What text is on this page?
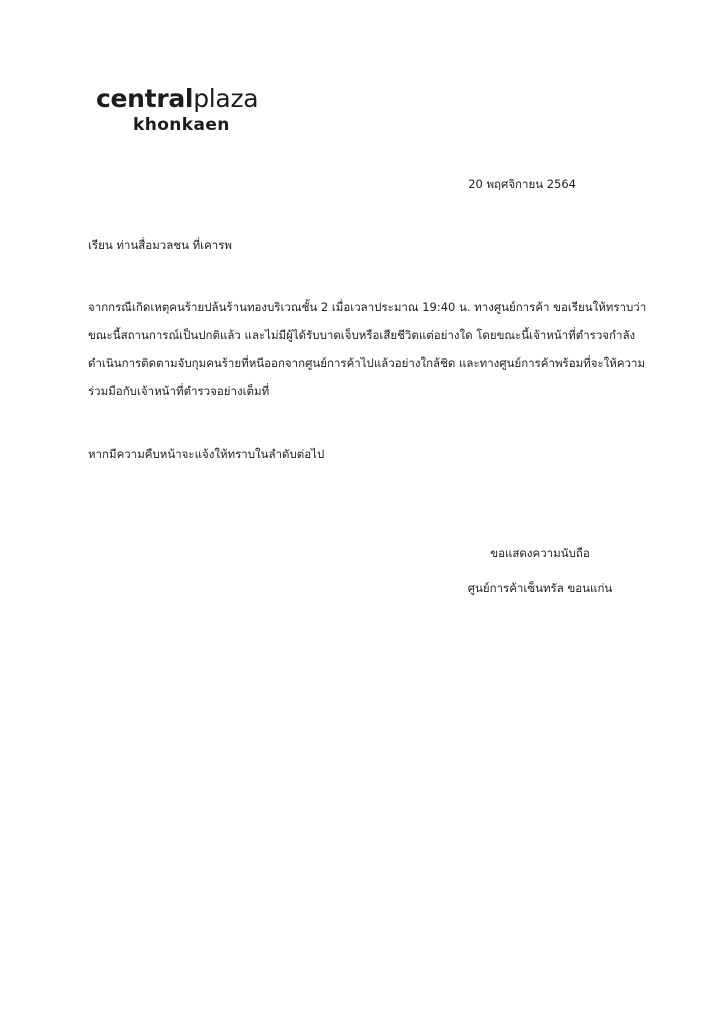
centralplaza
khonkaen
20 พฤศจิกายน 2564
เรียน ท่านสื่อมวลชน ที่เคารพ
จากกรณีเกิดเหตุคนร้ายปล้นร้านทองบริเวณชั้น 2 เมื่อเวลาประมาณ 19:40 น. ทางศูนย์การค้า ขอเรียนให้ทราบว่า
ขณะนี้สถานการณ์เป็นปกติแล้ว และไม่มีผู้ได้รับบาดเจ็บหรือเสียชีวิตแต่อย่างใด โดยขณะนี้เจ้าหน้าที่ตำรวจกำลัง
ดำเนินการติดตามจับกุมคนร้ายที่หนีออกจากศูนย์การค้าไปแล้วอย่างใกล้ชิด และทางศูนย์การค้าพร้อมที่จะให้ความ
ร่วมมือกับเจ้าหน้าที่ตำรวจอย่างเต็มที่
หากมีความคืบหน้าจะแจ้งให้ทราบในลำดับต่อไป
ขอแสดงความนับถือ
ศูนย์การค้าเซ็นทรัล ขอนแก่น
